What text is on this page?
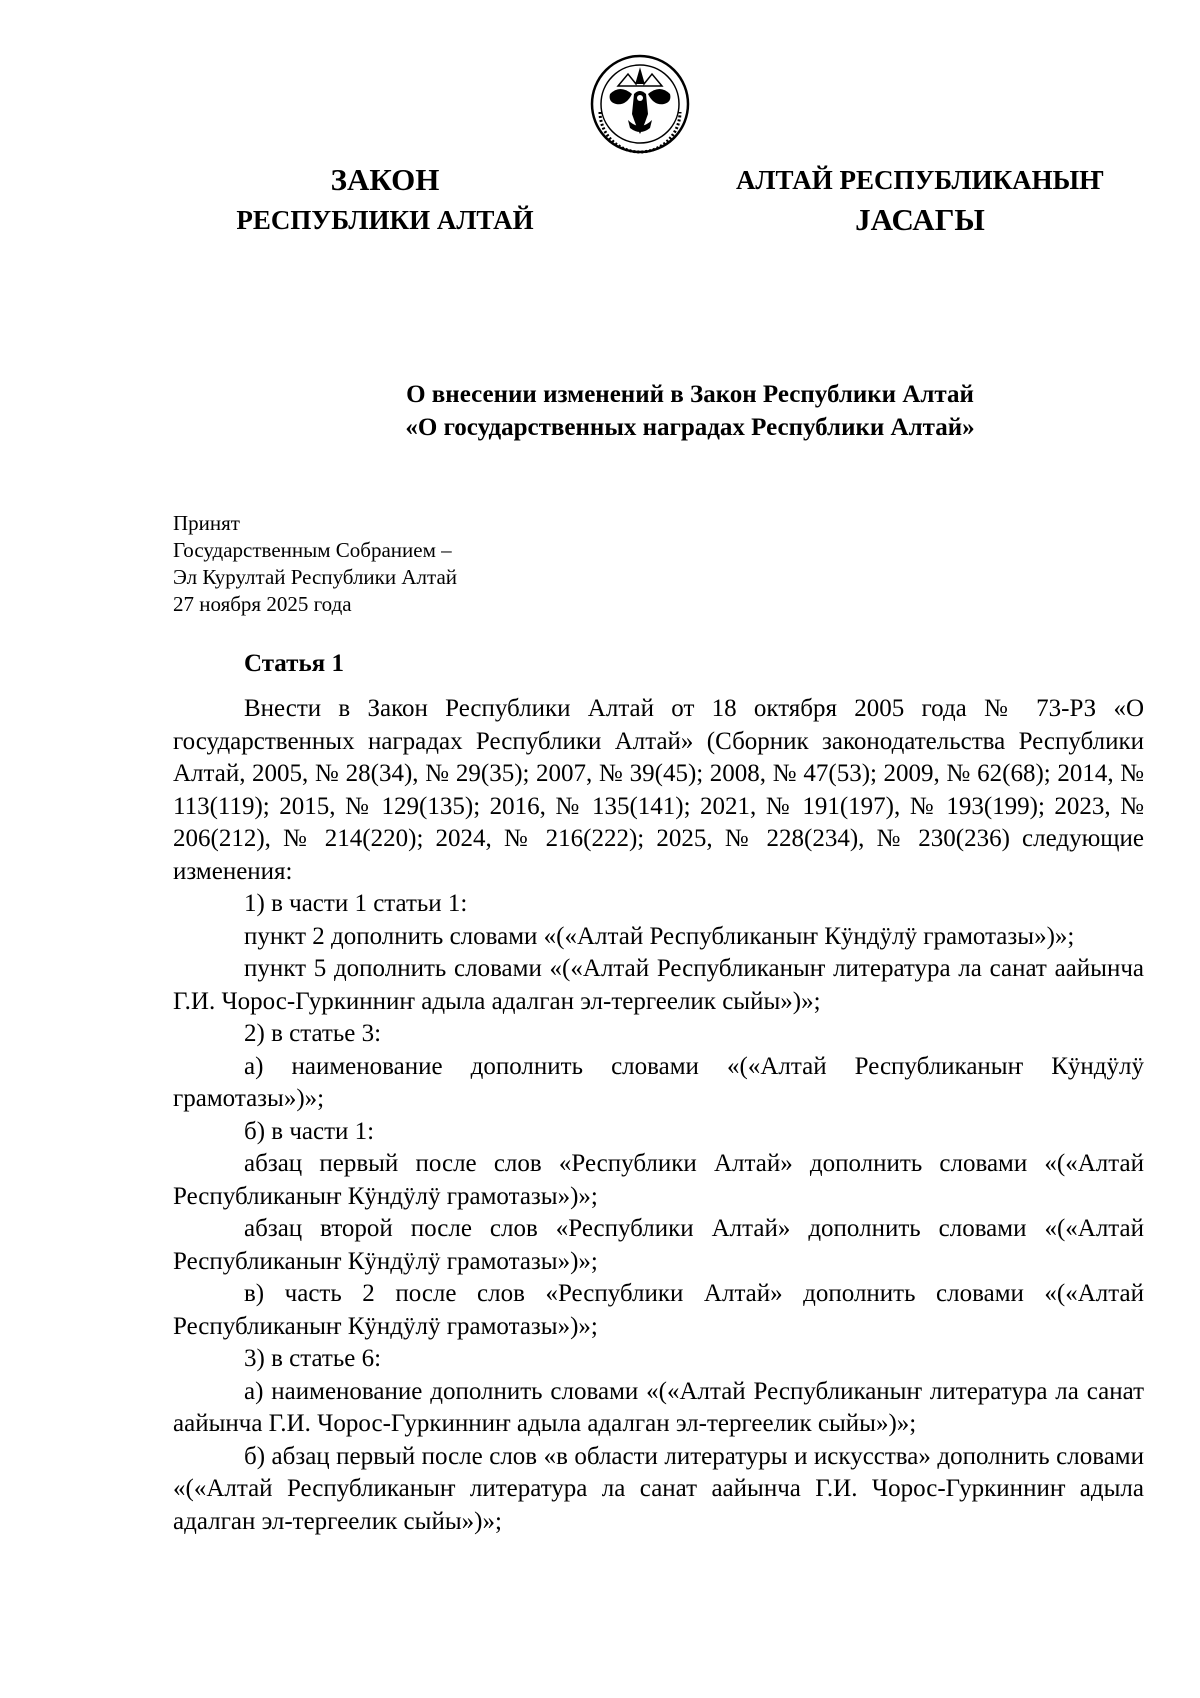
ЗАКОН
РЕСПУБЛИКИ АЛТАЙ
АЛТАЙ РЕСПУБЛИКАНЫҤ
JАСАГЫ
О внесении изменений в Закон Республики Алтай
«О государственных наградах Республики Алтай»
Принят
Государственным Собранием –
Эл Курултай Республики Алтай
27 ноября 2025 года
Статья 1

Внести в Закон Республики Алтай от 18 октября 2005 года № 73-РЗ «О государственных наградах Республики Алтай» (Сборник законодательства Республики Алтай, 2005, № 28(34), № 29(35); 2007, № 39(45); 2008, № 47(53); 2009, № 62(68); 2014, № 113(119); 2015, № 129(135); 2016, № 135(141); 2021, № 191(197), № 193(199); 2023, № 206(212), № 214(220); 2024, № 216(222); 2025, № 228(234), № 230(236) следующие изменения:

1) в части 1 статьи 1:

пункт 2 дополнить словами «(«Алтай Республиканыҥ Кӱндӱлӱ грамотазы»)»;

пункт 5 дополнить словами «(«Алтай Республиканыҥ литература ла санат аайынча Г.И. Чорос-Гуркинниҥ адыла адалган эл-тергеелик сыйы»)»;

2) в статье 3:

а) наименование дополнить словами «(«Алтай Республиканыҥ Кӱндӱлӱ грамотазы»)»;

б) в части 1:

абзац первый после слов «Республики Алтай» дополнить словами «(«Алтай Республиканыҥ Кӱндӱлӱ грамотазы»)»;

абзац второй после слов «Республики Алтай» дополнить словами «(«Алтай Республиканыҥ Кӱндӱлӱ грамотазы»)»;

в) часть 2 после слов «Республики Алтай» дополнить словами «(«Алтай Республиканыҥ Кӱндӱлӱ грамотазы»)»;

3) в статье 6:

а) наименование дополнить словами «(«Алтай Республиканыҥ литература ла санат аайынча Г.И. Чорос-Гуркинниҥ адыла адалган эл-тергеелик сыйы»)»;

б) абзац первый после слов «в области литературы и искусства» дополнить словами «(«Алтай Республиканыҥ литература ла санат аайынча Г.И. Чорос-Гуркинниҥ адыла адалган эл-тергеелик сыйы»)»;
